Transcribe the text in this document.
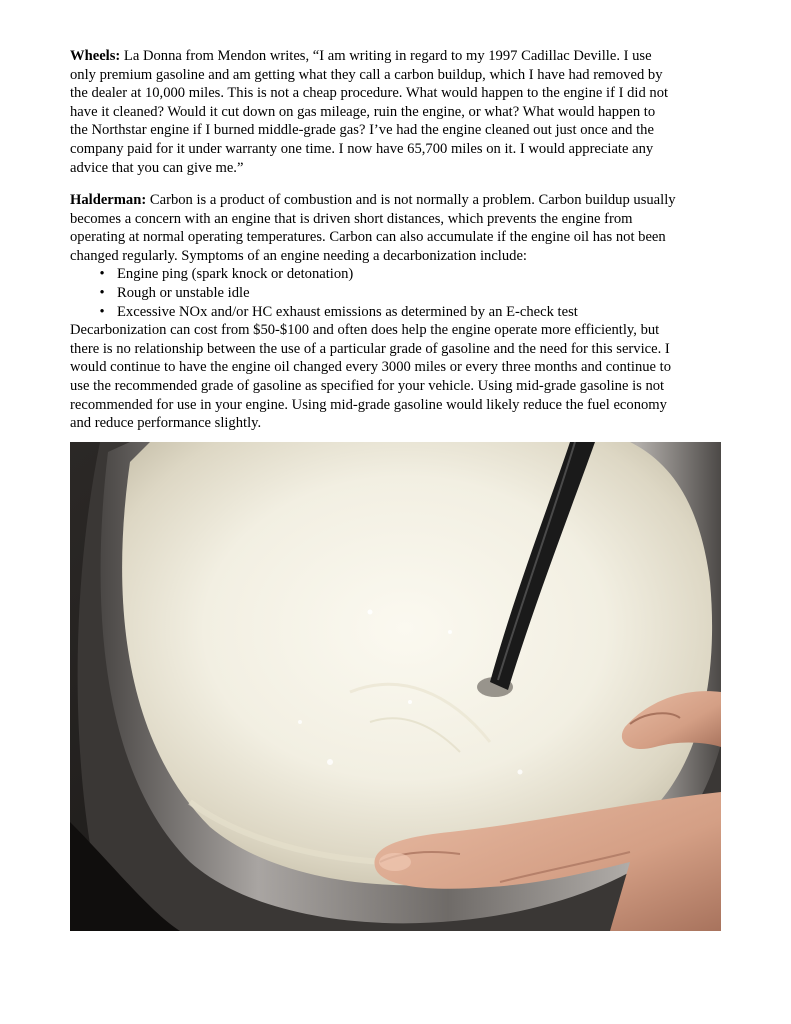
Wheels: La Donna from Mendon writes, “I am writing in regard to my 1997 Cadillac Deville. I use
only premium gasoline and am getting what they call a carbon buildup, which I have had removed by
the dealer at 10,000 miles. This is not a cheap procedure. What would happen to the engine if I did not
have it cleaned? Would it cut down on gas mileage, ruin the engine, or what? What would happen to
the Northstar engine if I burned middle-grade gas? I’ve had the engine cleaned out just once and the
company paid for it under warranty one time. I now have 65,700 miles on it. I would appreciate any
advice that you can give me.”
Halderman: Carbon is a product of combustion and is not normally a problem. Carbon buildup usually
becomes a concern with an engine that is driven short distances, which prevents the engine from
operating at normal operating temperatures. Carbon can also accumulate if the engine oil has not been
changed regularly. Symptoms of an engine needing a decarbonization include:
• Engine ping (spark knock or detonation)
• Rough or unstable idle
• Excessive NOx and/or HC exhaust emissions as determined by an E-check test
Decarbonization can cost from $50-$100 and often does help the engine operate more efficiently, but
there is no relationship between the use of a particular grade of gasoline and the need for this service. I
would continue to have the engine oil changed every 3000 miles or every three months and continue to
use the recommended grade of gasoline as specified for your vehicle. Using mid-grade gasoline is not
recommended for use in your engine. Using mid-grade gasoline would likely reduce the fuel economy
and reduce performance slightly.
